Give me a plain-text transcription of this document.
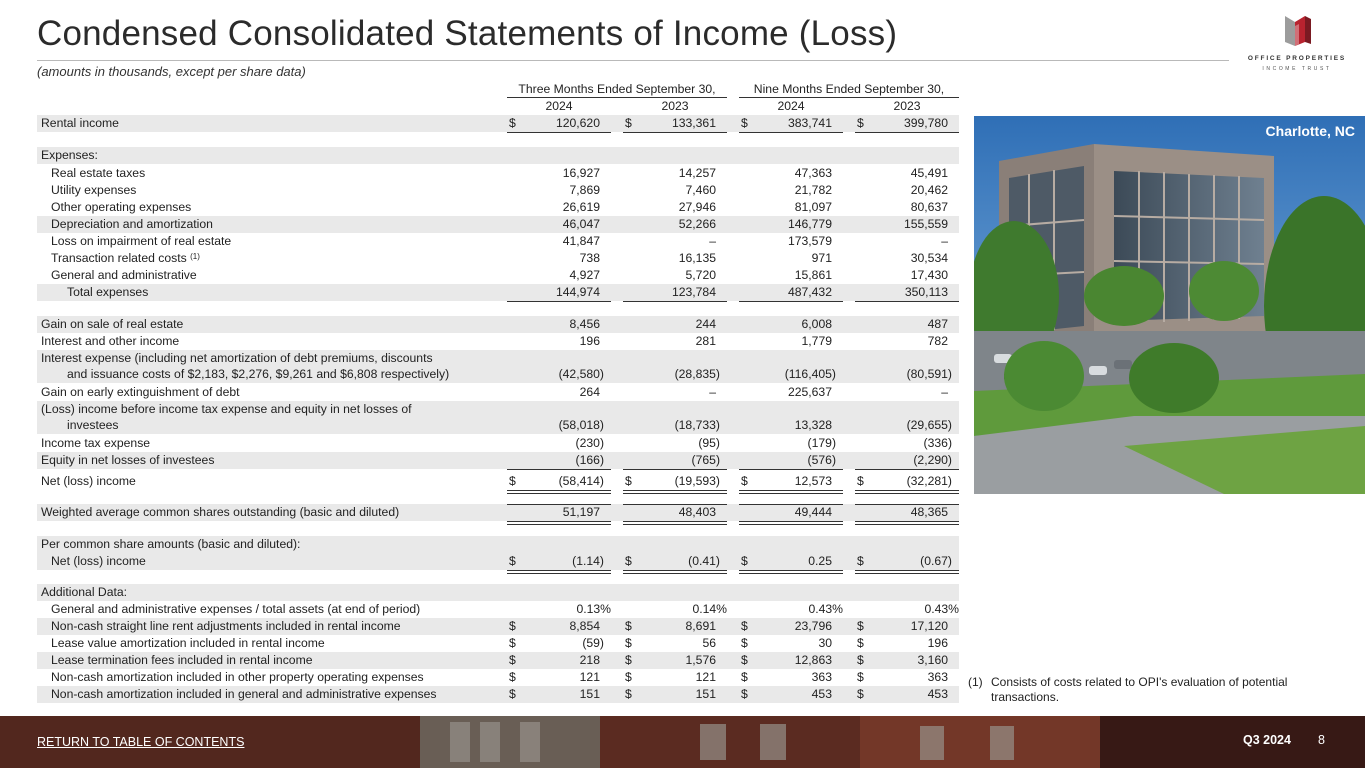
Condensed Consolidated Statements of Income (Loss)
(amounts in thousands, except per share data)
OFFICE PROPERTIES
INCOME TRUST
Three Months Ended September 30,	Nine Months Ended September 30,
2024	2023	2024	2023
Rental income	$	120,620 $	133,361 $	383,741 $	399,780
Expenses:
Real estate taxes	16,927	14,257	47,363	45,491
Utility expenses	7,869	7,460	21,782	20,462
Other operating expenses	26,619	27,946	81,097	80,637
Depreciation and amortization	46,047	52,266	146,779	155,559
Loss on impairment of real estate	41,847	–	173,579	–
Transaction related costs $^{(1)}$	738	16,135	971	30,534
General and administrative	4,927	5,720	15,861	17,430
Total expenses	144,974	123,784	487,432	350,113
Gain on sale of real estate	8,456	244	6,008	487
Interest and other income	196	281	1,779	782
Interest expense (including net amortization of debt premiums, discounts
and issuance costs of $2,183, $2,276, $9,261 and $6,808 respectively)	(42,580)	(28,835)	(116,405)	(80,591)
Gain on early extinguishment of debt	264	–	225,637	–
(Loss) income before income tax expense and equity in net losses of
investees	(58,018)	(18,733)	13,328	(29,655)
Income tax expense	(230)	(95)	(179)	(336)
Equity in net losses of investees	(166)	(765)	(576)	(2,290)
Net (loss) income	$	(58,414) $	(19,593) $	12,573 $	(32,281)
Weighted average common shares outstanding (basic and diluted)	51,197	48,403	49,444	48,365
Per common share amounts (basic and diluted):
Net (loss) income	$	(1.14) $	(0.41) $	0.25 $	(0.67)
Additional Data:
General and administrative expenses / total assets (at end of period)	0.13%	0.14%	0.43%	0.43%
Non-cash straight line rent adjustments included in rental income	$	8,854 $	8,691 $	23,796 $	17,120
Lease value amortization included in rental income	$	(59) $	56 $	30 $	196
Lease termination fees included in rental income	$	218 $	1,576 $	12,863 $	3,160
Non-cash amortization included in other property operating expenses	$	121 $	121 $	363 $	363
Non-cash amortization included in general and administrative expenses	$	151 $	151 $	453 $	453
Charlotte, NC
(1) Consists of costs related to OPI's evaluation of potential transactions.
RETURN TO TABLE OF CONTENTS	Q3 2024 8
